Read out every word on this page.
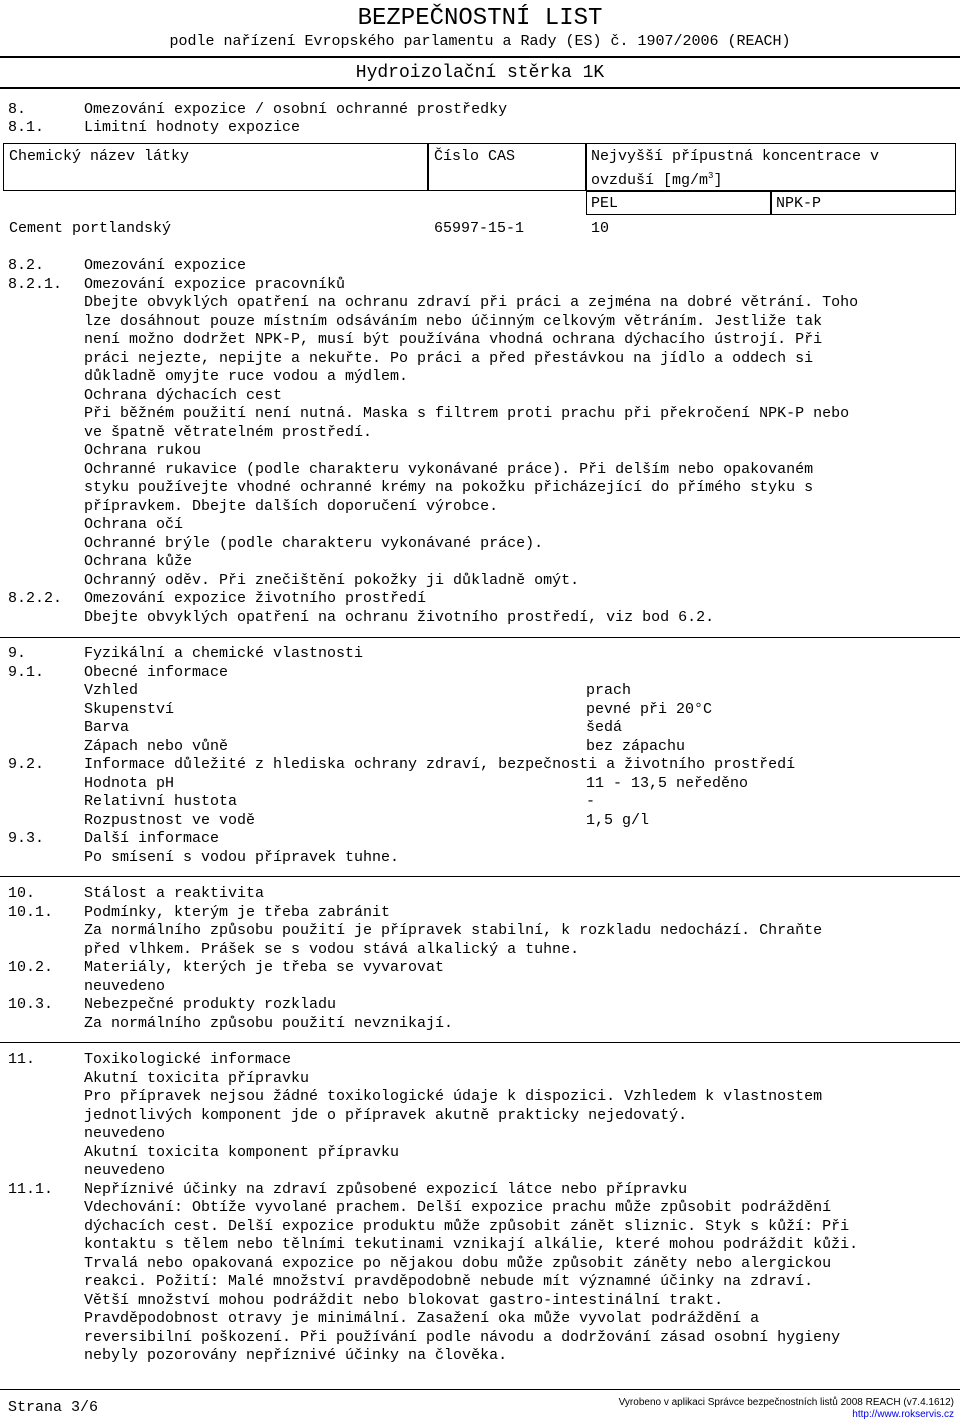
BEZPEČNOSTNÍ LIST
podle nařízení Evropského parlamentu a Rady (ES) č. 1907/2006 (REACH)
Hydroizolační stěrka 1K
8.	Omezování expozice / osobní ochranné prostředky
8.1.	Limitní hodnoty expozice
Chemický název látky	Číslo CAS	Nejvyšší přípustná koncentrace v
ovzduší $[mg/m^3]$
PEL	NPK-P
Cement portlandský	65997-15-1	10
8.2.	Omezování expozice
8.2.1. Omezování expozice pracovníků
Dbejte obvyklých opatření na ochranu zdraví při práci a zejména na dobré větrání. Toho
lze dosáhnout pouze místním odsáváním nebo účinným celkovým větráním. Jestliže tak
není možno dodržet NPK-P, musí být používána vhodná ochrana dýchacího ústrojí. Při
práci nejezte, nepijte a nekuřte. Po práci a před přestávkou na jídlo a oddech si
důkladně omyjte ruce vodou a mýdlem.
Ochrana dýchacích cest
Při běžném použití není nutná. Maska s filtrem proti prachu při překročení NPK-P nebo
ve špatně větratelném prostředí.
Ochrana rukou
Ochranné rukavice (podle charakteru vykonávané práce). Při delším nebo opakovaném
styku používejte vhodné ochranné krémy na pokožku přicházející do přímého styku s
přípravkem. Dbejte dalších doporučení výrobce.
Ochrana očí
Ochranné brýle (podle charakteru vykonávané práce).
Ochrana kůže
Ochranný oděv. Při znečištění pokožky ji důkladně omýt.
8.2.2. Omezování expozice životního prostředí
Dbejte obvyklých opatření na ochranu životního prostředí, viz bod 6.2.
9.	Fyzikální a chemické vlastnosti
9.1.	Obecné informace
Vzhled	prach
Skupenství	pevné při 20°C
Barva	šedá
Zápach nebo vůně	bez zápachu
9.2.	Informace důležité z hlediska ochrany zdraví, bezpečnosti a životního prostředí
Hodnota pH	11 - 13,5 neředěno
Relativní hustota	-
Rozpustnost ve vodě	1,5 g/l
9.3.	Další informace
Po smísení s vodou přípravek tuhne.
10.	Stálost a reaktivita
10.1. Podmínky, kterým je třeba zabránit
Za normálního způsobu použití je přípravek stabilní, k rozkladu nedochází. Chraňte
před vlhkem. Prášek se s vodou stává alkalický a tuhne.
10.2. Materiály, kterých je třeba se vyvarovat
neuvedeno
10.3. Nebezpečné produkty rozkladu
Za normálního způsobu použití nevznikají.
11.	Toxikologické informace
Akutní toxicita přípravku
Pro přípravek nejsou žádné toxikologické údaje k dispozici. Vzhledem k vlastnostem
jednotlivých komponent jde o přípravek akutně prakticky nejedovatý.
neuvedeno
Akutní toxicita komponent přípravku
neuvedeno
11.1. Nepříznivé účinky na zdraví způsobené expozicí látce nebo přípravku
Vdechování: Obtíže vyvolané prachem. Delší expozice prachu může způsobit podráždění
dýchacích cest. Delší expozice produktu může způsobit zánět sliznic. Styk s kůží: Při
kontaktu s tělem nebo tělními tekutinami vznikají alkálie, které mohou podráždit kůži.
Trvalá nebo opakovaná expozice po nějakou dobu může způsobit záněty nebo alergickou
reakci. Požití: Malé množství pravděpodobně nebude mít významné účinky na zdraví.
Větší množství mohou podráždit nebo blokovat gastro-intestinální trakt.
Pravděpodobnost otravy je minimální. Zasažení oka může vyvolat podráždění a
reversibilní poškození. Při používání podle návodu a dodržování zásad osobní hygieny
nebyly pozorovány nepříznivé účinky na člověka.
Strana 3/6	Vyrobeno v aplikaci Správce bezpečnostních listů 2008 REACH (v7.4.1612)
http://www.rokservis.cz
